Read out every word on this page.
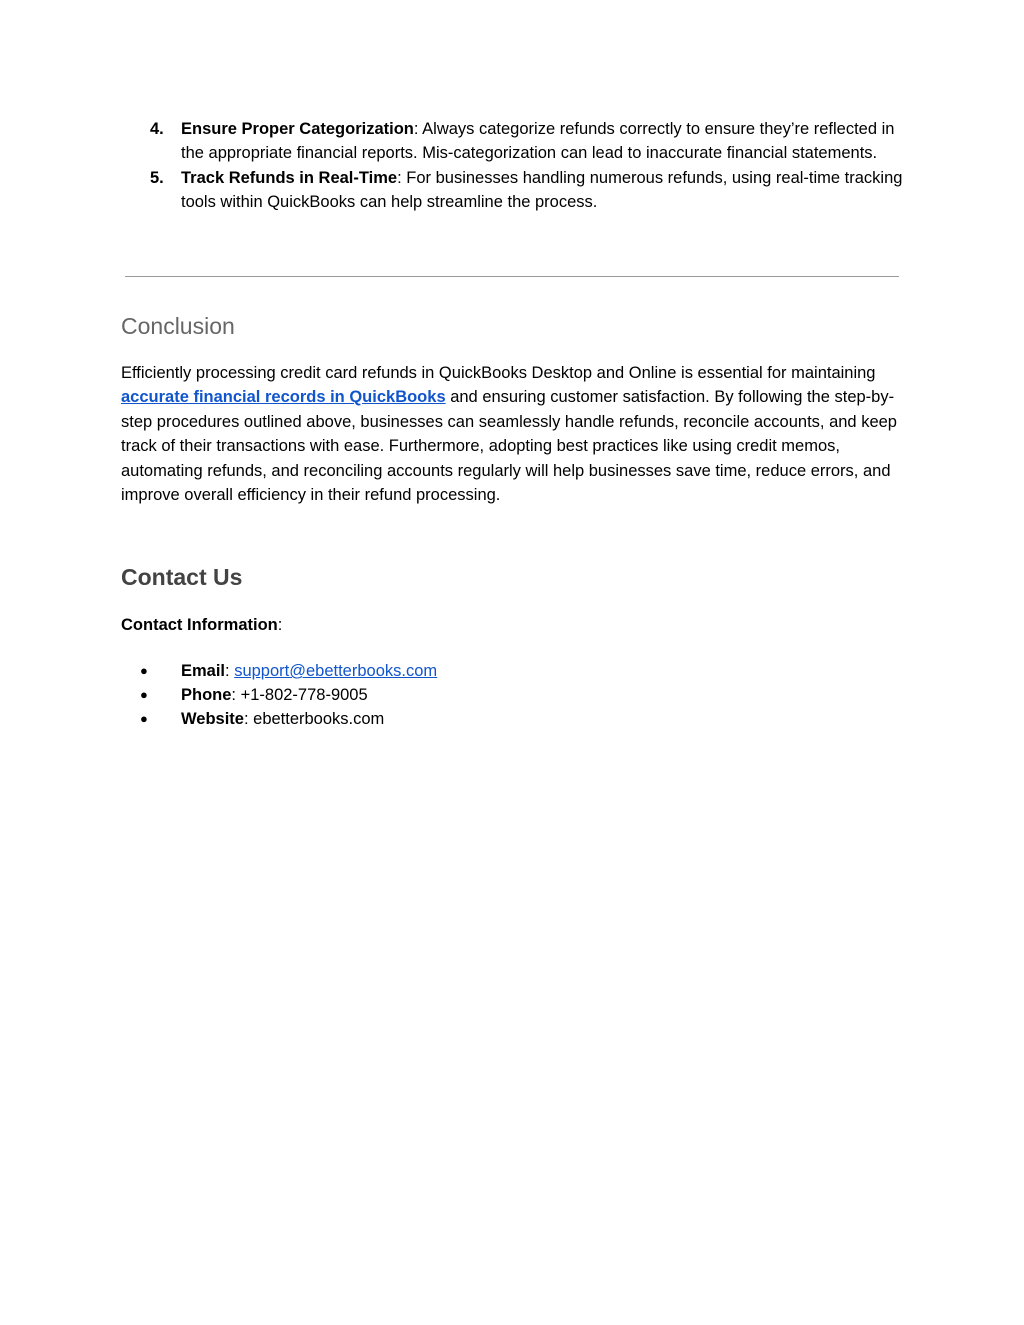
4. Ensure Proper Categorization: Always categorize refunds correctly to ensure they’re reflected in the appropriate financial reports. Mis-categorization can lead to inaccurate financial statements.
5. Track Refunds in Real-Time: For businesses handling numerous refunds, using real-time tracking tools within QuickBooks can help streamline the process.
Conclusion

Efficiently processing credit card refunds in QuickBooks Desktop and Online is essential for maintaining accurate financial records in QuickBooks and ensuring customer satisfaction. By following the step-by-step procedures outlined above, businesses can seamlessly handle refunds, reconcile accounts, and keep track of their transactions with ease. Furthermore, adopting best practices like using credit memos, automating refunds, and reconciling accounts regularly will help businesses save time, reduce errors, and improve overall efficiency in their refund processing.

Contact Us

Contact Information:

● Email: support@ebetterbooks.com
● Phone: +1-802-778-9005
● Website: ebetterbooks.com
